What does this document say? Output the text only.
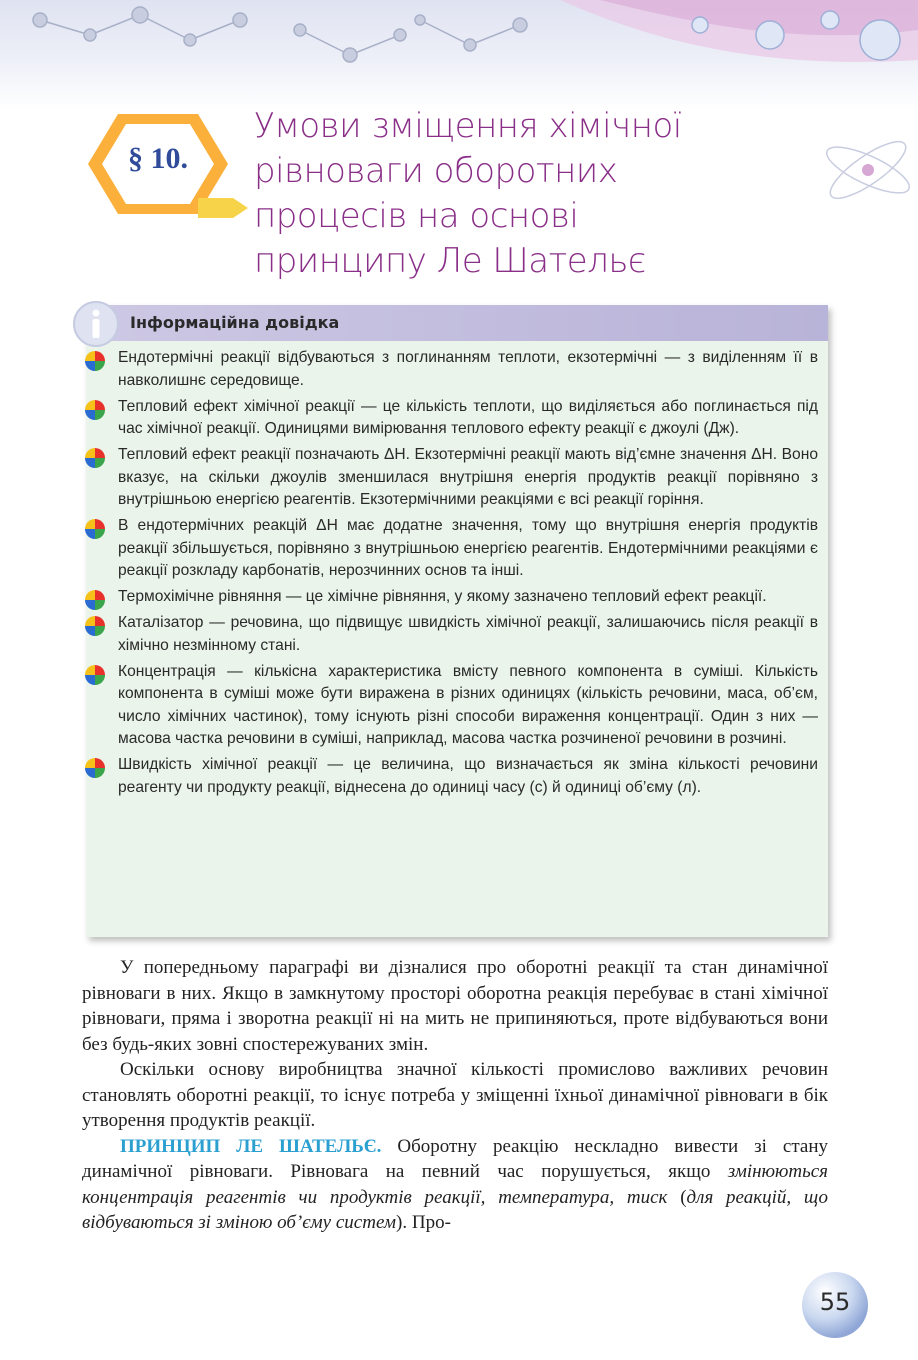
§ 10.
Умови зміщення хімічної
рівноваги оборотних
процесів на основі
принципу Ле Шательє
Інформаційна довідка
Ендотермічні реакції відбуваються з поглинанням теплоти, екзотермічні — з виділенням її в навколишнє середовище.
Тепловий ефект хімічної реакції — це кількість теплоти, що виділяється або поглинається під час хімічної реакції. Одиницями вимірювання теплового ефекту реакції є джоулі (Дж).
Тепловий ефект реакції позначають ΔH. Екзотермічні реакції мають від’ємне значення ΔH. Воно вказує, на скільки джоулів зменшилася внутрішня енергія продуктів реакції порівняно з внутрішньою енергією реагентів. Екзотермічними реакціями є всі реакції горіння.
В ендотермічних реакцій ΔH має додатне значення, тому що внутрішня енергія продуктів реакції збільшується, порівняно з внутрішньою енергією реагентів. Ендотермічними реакціями є реакції розкладу карбонатів, нерозчинних основ та інші.
Термохімічне рівняння — це хімічне рівняння, у якому зазначено тепловий ефект реакції.
Каталізатор — речовина, що підвищує швидкість хімічної реакції, залишаючись після реакції в хімічно незмінному стані.
Концентрація — кількісна характеристика вмісту певного компонента в суміші. Кількість компонента в суміші може бути виражена в різних одиницях (кількість речовини, маса, об’єм, число хімічних частинок), тому існують різні способи вираження концентрації. Один з них — масова частка речовини в суміші, наприклад, масова частка розчиненої речовини в розчині.
Швидкість хімічної реакції — це величина, що визначається як зміна кількості речовини реагенту чи продукту реакції, віднесена до одиниці часу (с) й одиниці об’єму (л).

У попередньому параграфі ви дізналися про оборотні реакції та стан динамічної рівноваги в них. Якщо в замкнутому просторі оборотна реакція перебуває в стані хімічної рівноваги, пряма і зворотна реакції ні на мить не припиняються, проте відбуваються вони без будь-яких зовні спостережуваних змін.

Оскільки основу виробництва значної кількості промислово важливих речовин становлять оборотні реакції, то існує потреба у зміщенні їхньої динамічної рівноваги в бік утворення продуктів реакції.

ПРИНЦИП ЛЕ ШАТЕЛЬЄ. Оборотну реакцію нескладно вивести зі стану динамічної рівноваги. Рівновага на певний час порушується, якщо змінюються концентрація реагентів чи продуктів реакції, температура, тиск (для реакцій, що відбуваються зі зміною об’єму систем). Про-

55
